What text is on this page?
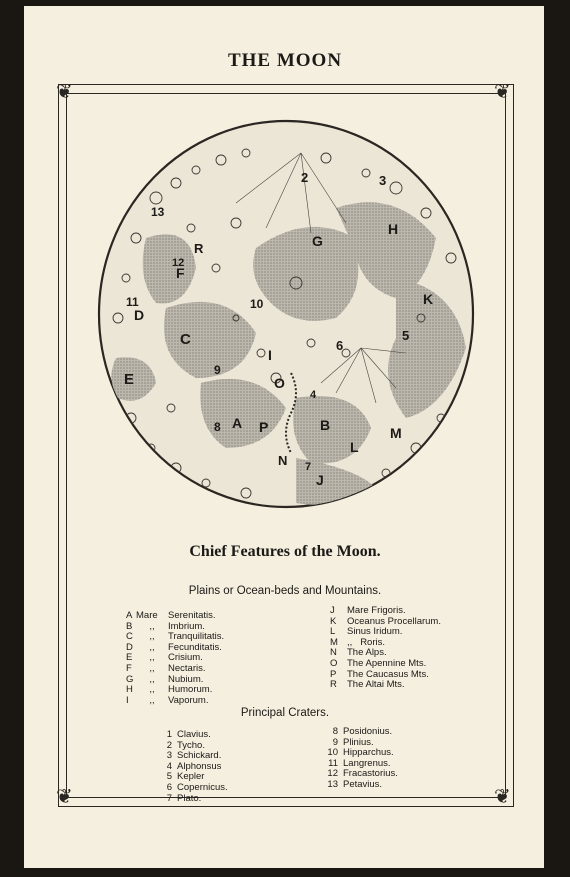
THE MOON
❦	❦
❦	❦
2	3
13
H
G
12
R
F
11
D
10	K
C
I
5
6
E
9
O
4
8 A P	B	M
L
N 7
J
Chief Features of the Moon.
Plains or Ocean-beds and Mountains.
A Mare	Serenitatis.
B	,,	Imbrium.
C	,,	Tranquilitatis.
D	,,	Fecunditatis.
E	,,	Crisium.
F	,,	Nectaris.
G	,,	Nubium.
H	,,	Humorum.
I	,,	Vaporum.
J	Mare Frigoris.
K	Oceanus Procellarum.
L	Sinus Iridum.
M ,,   Roris.
N	The Alps.
O	The Apennine Mts.
P	The Caucasus Mts.
R	The Altai Mts.
Principal Craters.
1 Clavius.
2 Tycho.
3 Schickard.
4 Alphonsus
5 Kepler
6 Copernicus.
7 Plato.
8 Posidonius.
9 Plinius.
10 Hipparchus.
11 Langrenus.
12 Fracastorius.
13 Petavius.
